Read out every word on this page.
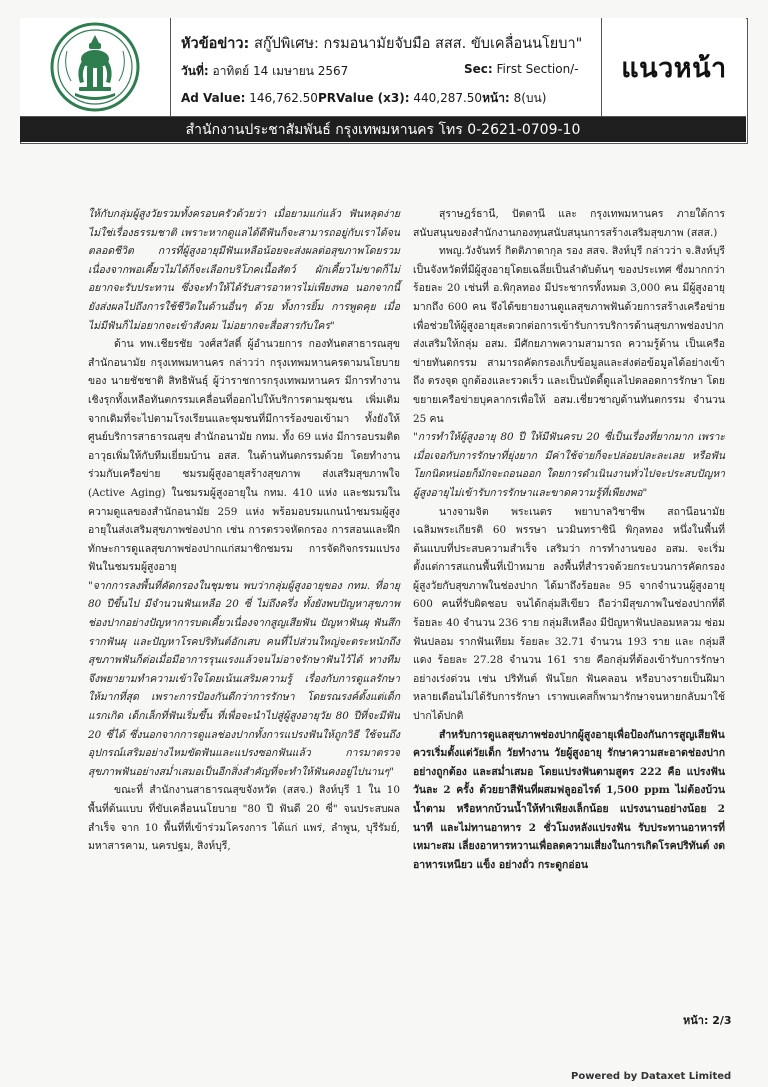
หัวข้อข่าว: สกู๊ปพิเศษ: กรมอนามัยจับมือ สสส. ขับเคลื่อนนโยบา"
วันที่: อาทิตย์ 14 เมษายน 2567	Sec: First Section/-
Ad Value: 146,762.50PRValue (x3): 440,287.50หน้า: 8(บน)
แนวหน้า
สำนักงานประชาสัมพันธ์ กรุงเทพมหานคร โทร 0-2621-0709-10

ให้กับกลุ่มผู้สูงวัยรวมทั้งครอบครัวด้วยว่า เมื่อยามแก่แล้ว ฟันหลุดง่ายไม่ใช่เรื่องธรรมชาติ เพราะหากดูแลได้ดีฟันก็จะสามารถอยู่กับเราได้จนตลอดชีวิต การที่ผู้สูงอายุมีฟันเหลือน้อยจะส่งผลต่อสุขภาพโดยรวม เนื่องจากพอเคี้ยวไม่ได้ก็จะเลือกบริโภคเนื้อสัตว์ ผักเคี้ยวไม่ขาดก็ไม่อยากจะรับประทาน ซึ่งจะทำให้ได้รับสารอาหารไม่เพียงพอ นอกจากนี้ยังส่งผลไปถึงการใช้ชีวิตในด้านอื่นๆ ด้วย ทั้งการยิ้ม การพูดคุย เมื่อไม่มีฟันก็ไม่อยากจะเข้าสังคม ไม่อยากจะสื่อสารกับใคร"

ด้าน ทพ.เชียรชัย วงศ์สวัสดิ์ ผู้อำนวยการ กองทันตสาธารณสุข สำนักอนามัย กรุงเทพมหานคร กล่าวว่า กรุงเทพมหานครตามนโยบายของ นายชัชชาติ สิทธิพันธุ์ ผู้ว่าราชการกรุงเทพมหานคร มีการทำงานเชิงรุกทั้งเหลือทันตกรรมเคลื่อนที่ออกไปให้บริการตามชุมชน เพิ่มเติมจากเดิมที่จะไปตามโรงเรียนและชุมชนที่มีการร้องขอเข้ามา ทั้งยังให้ศูนย์บริการสาธารณสุข สำนักอนามัย กทม. ทั้ง 69 แห่ง มีการอบรมติดอาวุธเพิ่มให้กับทีมเยี่ยมบ้าน อสส. ในด้านทันตกรรมด้วย โดยทำงานร่วมกับเครือข่าย ชมรมผู้สูงอายุสร้างสุขภาพ ส่งเสริมสุขภาพใจ (Active Aging) ในชมรมผู้สูงอายุใน กทม. 410 แห่ง และชมรมในความดูแลของสำนักอนามัย 259 แห่ง พร้อมอบรมแกนนำชมรมผู้สูงอายุในส่งเสริมสุขภาพช่องปาก เช่น การตรวจหัดกรอง การสอนและฝึกทักษะการดูแลสุขภาพช่องปากแก่สมาชิกชมรม การจัดกิจกรรมแปรงฟันในชมรมผู้สูงอายุ

"จากการลงพื้นที่คัดกรองในชุมชน พบว่ากลุ่มผู้สูงอายุของ กทม. ที่อายุ 80 ปีขึ้นไป มีจำนวนฟันเหลือ 20 ซี่ ไม่ถึงครึ่ง ทั้งยังพบปัญหาสุขภาพช่องปากอย่างปัญหาการบดเคี้ยวเนื่องจากสูญเสียฟัน ปัญหาฟันผุ ฟันสึก รากฟันผุ และปัญหาโรคปริทันต์อักเสบ คนที่ไปส่วนใหญ่จะตระหนักถึงสุขภาพฟันก็ต่อเมื่อมีอาการรุนแรงแล้วจนไม่อาจรักษาฟันไว้ได้ ทางทีมจึงพยายามทำความเข้าใจโดยเน้นเสริมความรู้ เรื่องกับการดูแลรักษาให้มากที่สุด เพราะการป้องกันดีกว่าการรักษา โดยรณรงค์ตั้งแต่เด็กแรกเกิด เด็กเล็กที่ฟันเริ่มขึ้น ที่เพื่อจะนำไปสู่ผู้สูงอายุวัย 80 ปีที่จะมีฟัน 20 ซี่ได้ ซึ่งนอกจากการดูแลช่องปากทั้งการแปรงฟันให้ถูกวิธี ใช้จนถึงอุปกรณ์เสริมอย่างไหมขัดฟันและแปรงซอกฟันแล้ว การมาตรวจสุขภาพฟันอย่างสม่ำเสมอเป็นอีกสิ่งสำคัญที่จะทำให้ฟันคงอยู่ไปนานๆ"

ขณะที่ สำนักงานสาธารณสุขจังหวัด (สสจ.) สิงห์บุรี 1 ใน 10 พื้นที่ต้นแบบ ที่ขับเคลื่อนนโยบาย "80 ปี ฟันดี 20 ซี่" จนประสบผลสำเร็จ จาก 10 พื้นที่ที่เข้าร่วมโครงการ ได้แก่ แพร่, ลำพูน, บุรีรัมย์, มหาสารคาม, นครปฐม, สิงห์บุรี,

สุราษฎร์ธานี, ปัตตานี และ กรุงเทพมหานคร ภายใต้การสนับสนุนของสำนักงานกองทุนสนับสนุนการสร้างเสริมสุขภาพ (สสส.)

ทพญ.วังจันทร์ กิตติภาดากุล รอง สสจ. สิงห์บุรี กล่าวว่า จ.สิงห์บุรี เป็นจังหวัดที่มีผู้สูงอายุโดยเฉลี่ยเป็นลำดับต้นๆ ของประเทศ ซึ่งมากกว่าร้อยละ 20 เช่นที่ อ.พิกุลทอง มีประชากรทั้งหมด 3,000 คน มีผู้สูงอายุมากถึง 600 คน จึงได้ขยายงานดูแลสุขภาพฟันด้วยการสร้างเครือข่ายเพื่อช่วยให้ผู้สูงอายุสะดวกต่อการเข้ารับการบริการด้านสุขภาพช่องปาก ส่งเสริมให้กลุ่ม อสม. มีศักยภาพความสามารถ ความรู้ด้าน เป็นเครือข่ายทันตกรรม สามารถคัดกรองเก็บข้อมูลและส่งต่อข้อมูลได้อย่างเข้าถึง ตรงจุด ถูกต้องและรวดเร็ว และเป็นบัดดี้ดูแลไปตลอดการรักษา โดยขยายเครือข่ายบุคลากรเพื่อให้ อสม.เชี่ยวชาญด้านทันตกรรม จำนวน 25 คน

"การทำให้ผู้สูงอายุ 80 ปี ให้มีฟันครบ 20 ซี่เป็นเรื่องที่ยากมาก เพราะเมื่อเจอกับการรักษาที่ยุ่งยาก มีค่าใช้จ่ายก็จะปล่อยปละละเลย หรือฟันโยกนิดหน่อยก็มักจะถอนออก ใดยการดำเนินงานทั่วไปจะประสบปัญหาผู้สูงอายุไม่เข้ารับการรักษาและขาดความรู้ที่เพียงพอ"

นางจามจิต พระเนตร พยาบาลวิชาชีพ สถานีอนามัยเฉลิมพระเกียรติ 60 พรรษา นวมินทราชินี พิกุลทอง หนึ่งในพื้นที่ต้นแบบที่ประสบความสำเร็จ เสริมว่า การทำงานของ อสม. จะเริ่มตั้งแต่การสแกนพื้นที่เป้าหมาย ลงพื้นที่สำรวจด้วยกระบวนการคัดกรองผู้สูงวัยกับสุขภาพในช่องปาก ได้มาถึงร้อยละ 95 จากจำนวนผู้สูงอายุ 600 คนที่รับผิดชอบ จนได้กลุ่มสีเขียว ถือว่ามีสุขภาพในช่องปากที่ดี ร้อยละ 40 จำนวน 236 ราย กลุ่มสีเหลือง มีปัญหาฟันปลอมหลวม ซ่อมฟันปลอม รากฟันเทียม ร้อยละ 32.71 จำนวน 193 ราย และ กลุ่มสีแดง ร้อยละ 27.28 จำนวน 161 ราย คือกลุ่มที่ต้องเข้ารับการรักษาอย่างเร่งด่วน เช่น ปริทันต์ ฟันโยก ฟันคลอน หรือบางรายเป็นฝีมาหลายเดือนไม่ได้รับการรักษา เราพบเคสก็พามารักษาจนหายกลับมาใช้ปากได้ปกติ

สำหรับการดูแลสุขภาพช่องปากผู้สูงอายุเพื่อป้องกันการสูญเสียฟัน ควรเริ่มตั้งแต่วัยเด็ก วัยทำงาน วัยผู้สูงอายุ รักษาความสะอาดช่องปากอย่างถูกต้อง และสม่ำเสมอ โดยแปรงฟันตามสูตร 222 คือ แปรงฟันวันละ 2 ครั้ง ด้วยยาสีฟันที่ผสมฟลูออไรด์ 1,500 ppm ไม่ต้องบ้วนน้ำตาม หรือหากบ้วนน้ำให้ทำเพียงเล็กน้อย แปรงนานอย่างน้อย 2 นาที และไม่ทานอาหาร 2 ชั่วโมงหลังแปรงฟัน รับประทานอาหารที่เหมาะสม เลี่ยงอาหารหวานเพื่อลดความเสี่ยงในการเกิดโรคปริทันต์ งดอาหารเหนียว แข็ง อย่างถั่ว กระดูกอ่อน

หน้า: 2/3
Powered by Dataxet Limited
